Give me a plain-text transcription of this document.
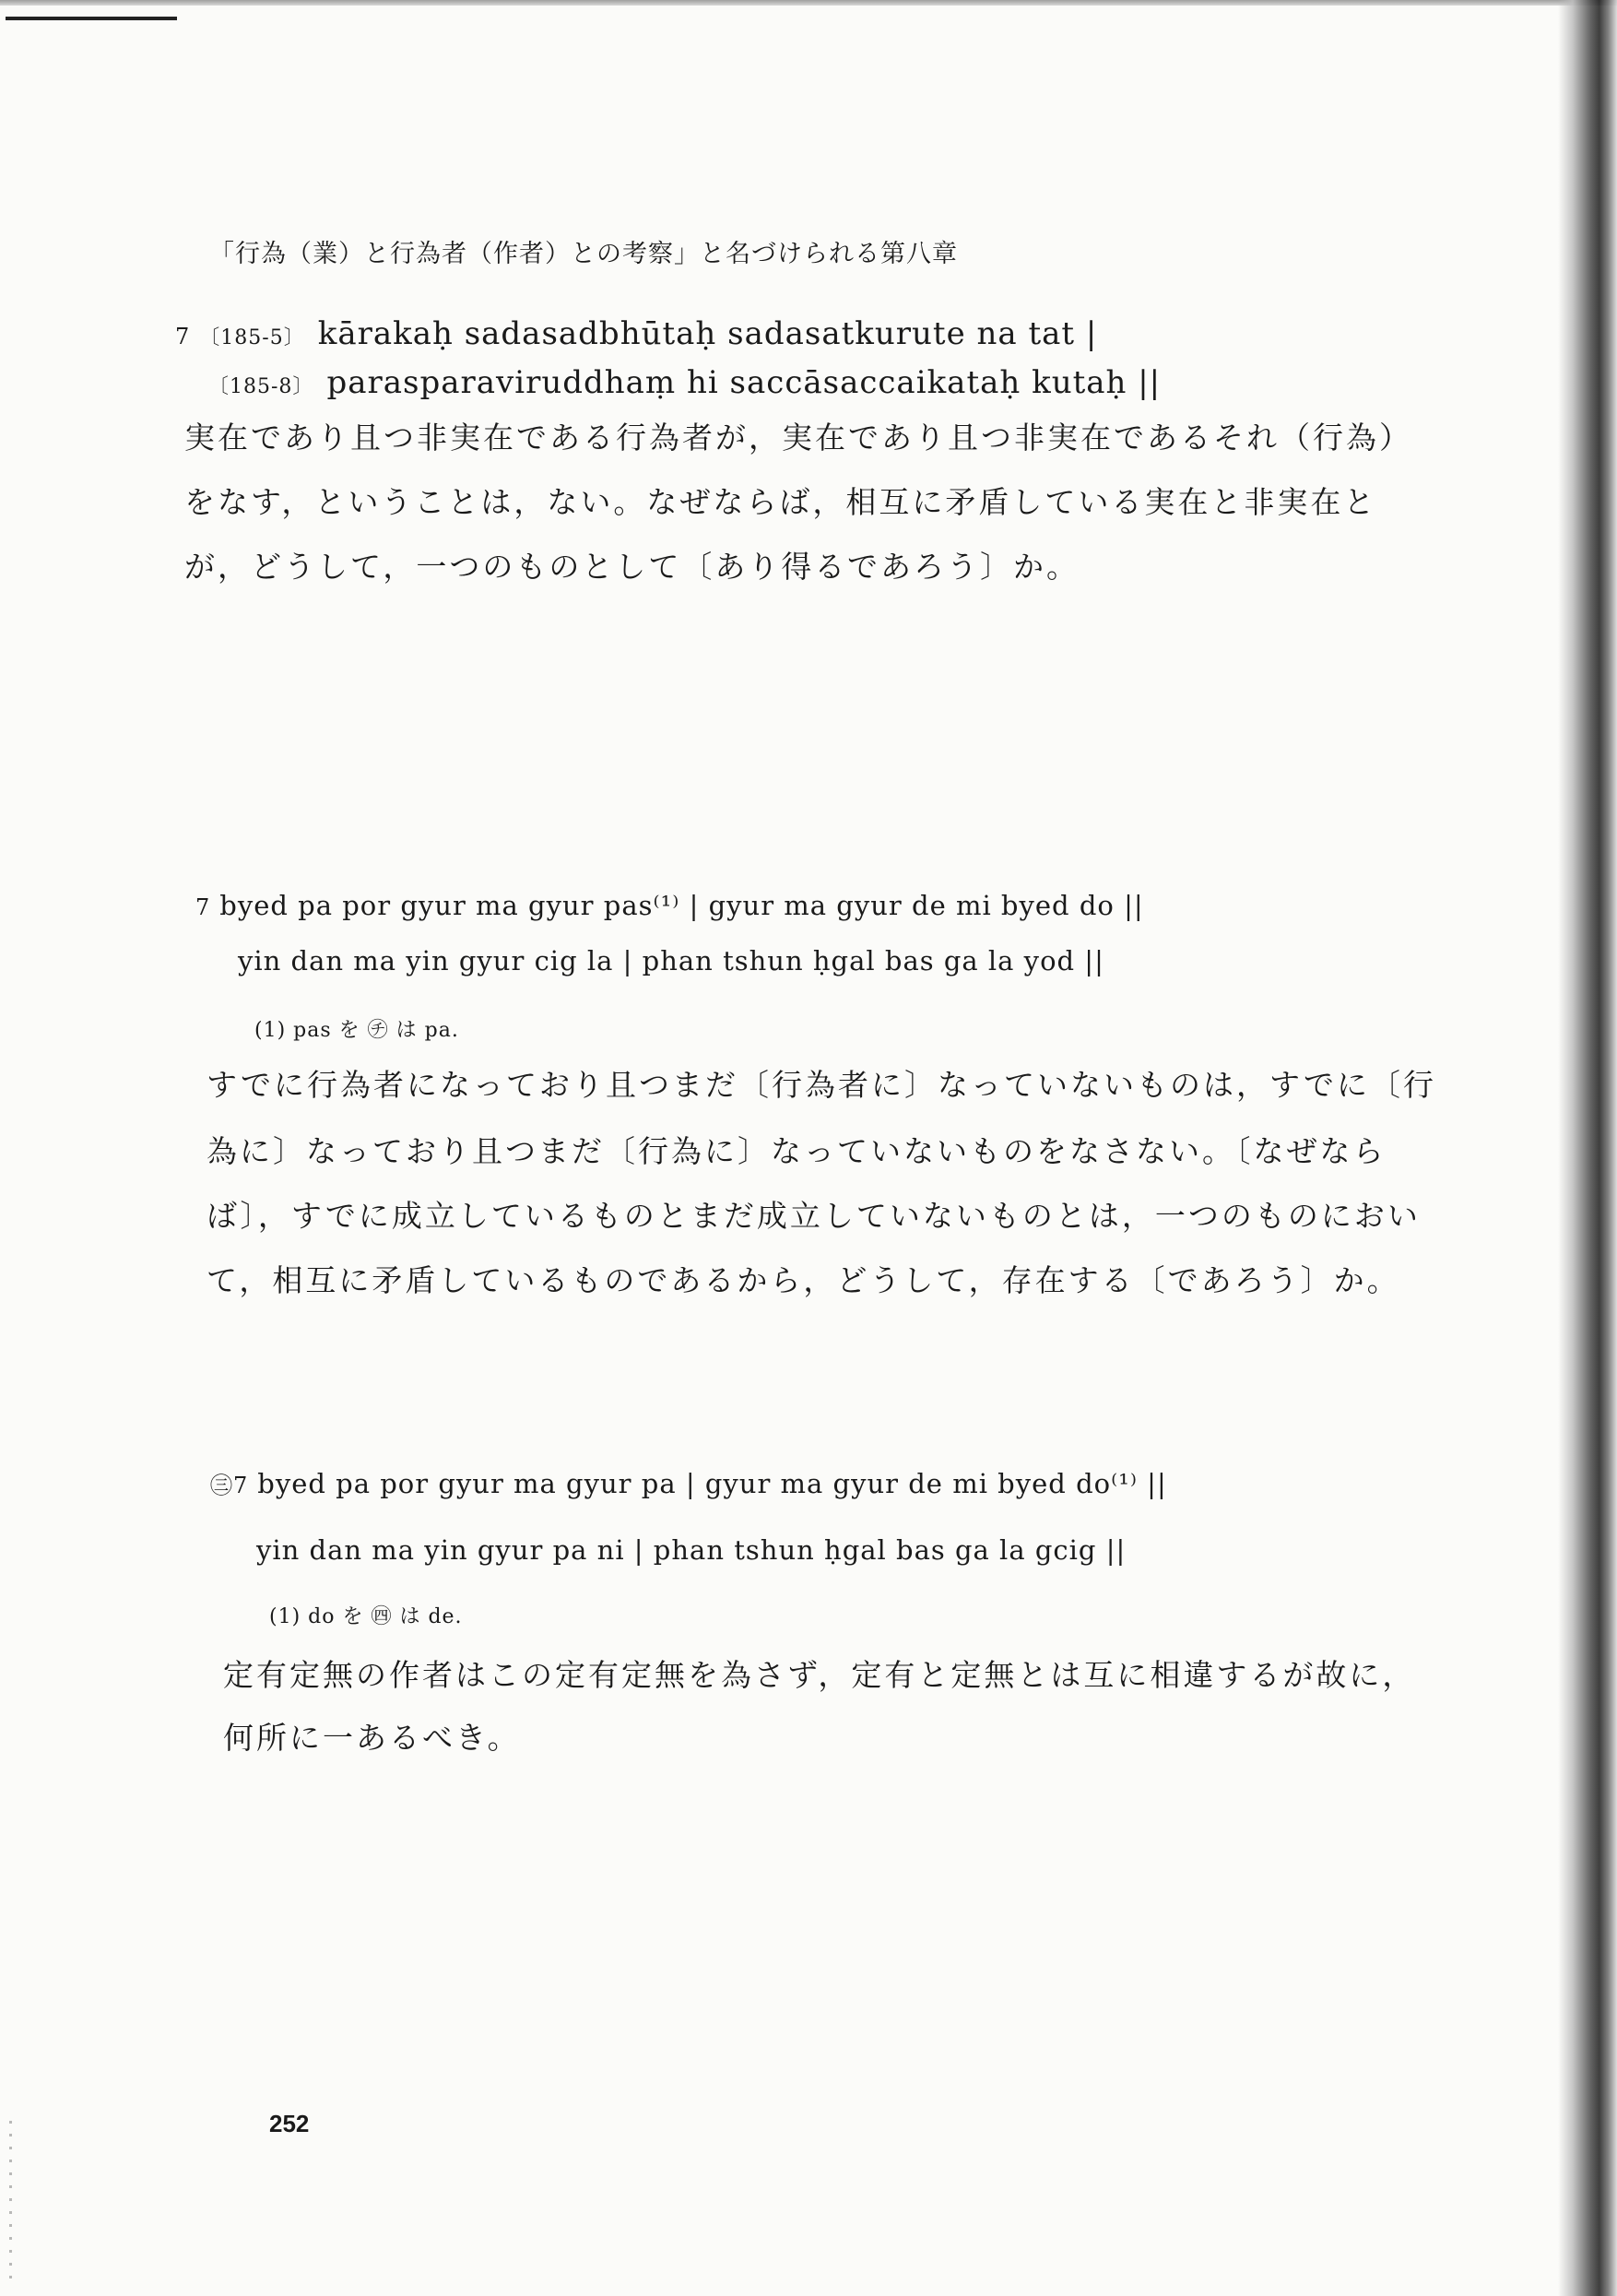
「行為（業）と行為者（作者）との考察」と名づけられる第八章
7 〔185-5〕 kārakaḥ sadasadbhūtaḥ sadasatkurute na tat |
〔185-8〕 parasparaviruddhaṃ hi saccāsaccaikataḥ kutaḥ ||
実在であり且つ非実在である行為者が，実在であり且つ非実在であるそれ（行為）
をなす，ということは，ない。なぜならば，相互に矛盾している実在と非実在と
が，どうして，一つのものとして〔あり得るであろう〕か。
7 byed pa por gyur ma gyur pas⁽¹⁾ | gyur ma gyur de mi byed do ||
yin dan ma yin gyur cig la | phan tshun ḥgal bas ga la yod ||
(1) pas を ㋠ は pa.
すでに行為者になっており且つまだ〔行為者に〕なっていないものは，すでに〔行
為に〕なっており且つまだ〔行為に〕なっていないものをなさない。〔なぜなら
ば〕，すでに成立しているものとまだ成立していないものとは，一つのものにおい
て，相互に矛盾しているものであるから，どうして，存在する〔であろう〕か。
㊂7 byed pa por gyur ma gyur pa | gyur ma gyur de mi byed do⁽¹⁾ ||
yin dan ma yin gyur pa ni | phan tshun ḥgal bas ga la gcig ||
(1) do を ㊃ は de.
定有定無の作者はこの定有定無を為さず，定有と定無とは互に相違するが故に，
何所に一あるべき。
252
